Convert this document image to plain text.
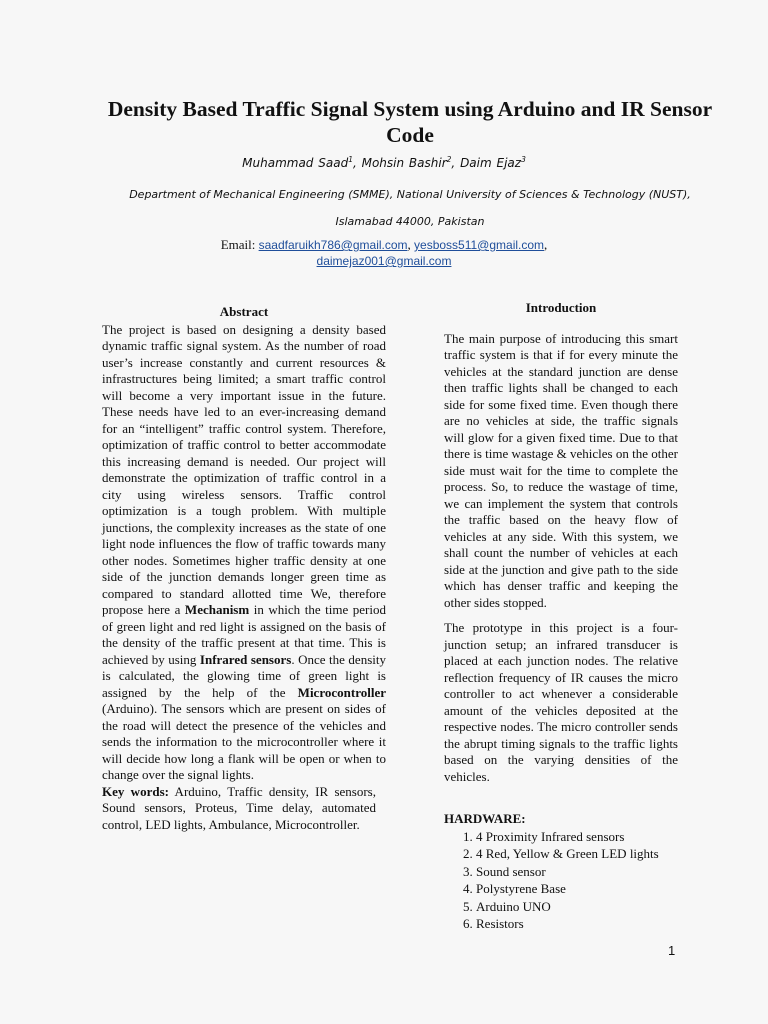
Density Based Traffic Signal System using Arduino and IR Sensor Code
Muhammad Saad$^1$, Mohsin Bashir$^2$, Daim Ejaz$^3$
Department of Mechanical Engineering (SMME), National University of Sciences & Technology (NUST), Islamabad 44000, Pakistan
Email: saadfaruikh786@gmail.com, yesboss511@gmail.com,
daimejaz001@gmail.com
Abstract

The project is based on designing a density based dynamic traffic signal system. As the number of road user’s increase constantly and current resources & infrastructures being limited; a smart traffic control will become a very important issue in the future. These needs have led to an ever-increasing demand for an “intelligent” traffic control system. Therefore, optimization of traffic control to better accommodate this increasing demand is needed. Our project will demonstrate the optimization of traffic control in a city using wireless sensors. Traffic control optimization is a tough problem. With multiple junctions, the complexity increases as the state of one light node influences the flow of traffic towards many other nodes. Sometimes higher traffic density at one side of the junction demands longer green time as compared to standard allotted time We, therefore propose here a Mechanism in which the time period of green light and red light is assigned on the basis of the density of the traffic present at that time. This is achieved by using Infrared sensors. Once the density is calculated, the glowing time of green light is assigned by the help of the Microcontroller (Arduino). The sensors which are present on sides of the road will detect the presence of the vehicles and sends the information to the microcontroller where it will decide how long a flank will be open or when to change over the signal lights.

Key words: Arduino, Traffic density, IR sensors, Sound sensors, Proteus, Time delay, automated control, LED lights, Ambulance, Microcontroller.

Introduction

The main purpose of introducing this smart traffic system is that if for every minute the vehicles at the standard junction are dense then traffic lights shall be changed to each side for some fixed time. Even though there are no vehicles at side, the traffic signals will glow for a given fixed time. Due to that there is time wastage & vehicles on the other side must wait for the time to complete the process. So, to reduce the wastage of time, we can implement the system that controls the traffic based on the heavy flow of vehicles at any side. With this system, we shall count the number of vehicles at each side at the junction and give path to the side which has denser traffic and keeping the other sides stopped.

The prototype in this project is a four-junction setup; an infrared transducer is placed at each junction nodes. The relative reflection frequency of IR causes the micro controller to act whenever a considerable amount of the vehicles deposited at the respective nodes. The micro controller sends the abrupt timing signals to the traffic lights based on the varying densities of the vehicles.

HARDWARE:
1. 4 Proximity Infrared sensors
2. 4 Red, Yellow & Green LED lights
3. Sound sensor
4. Polystyrene Base
5. Arduino UNO
6. Resistors
1
